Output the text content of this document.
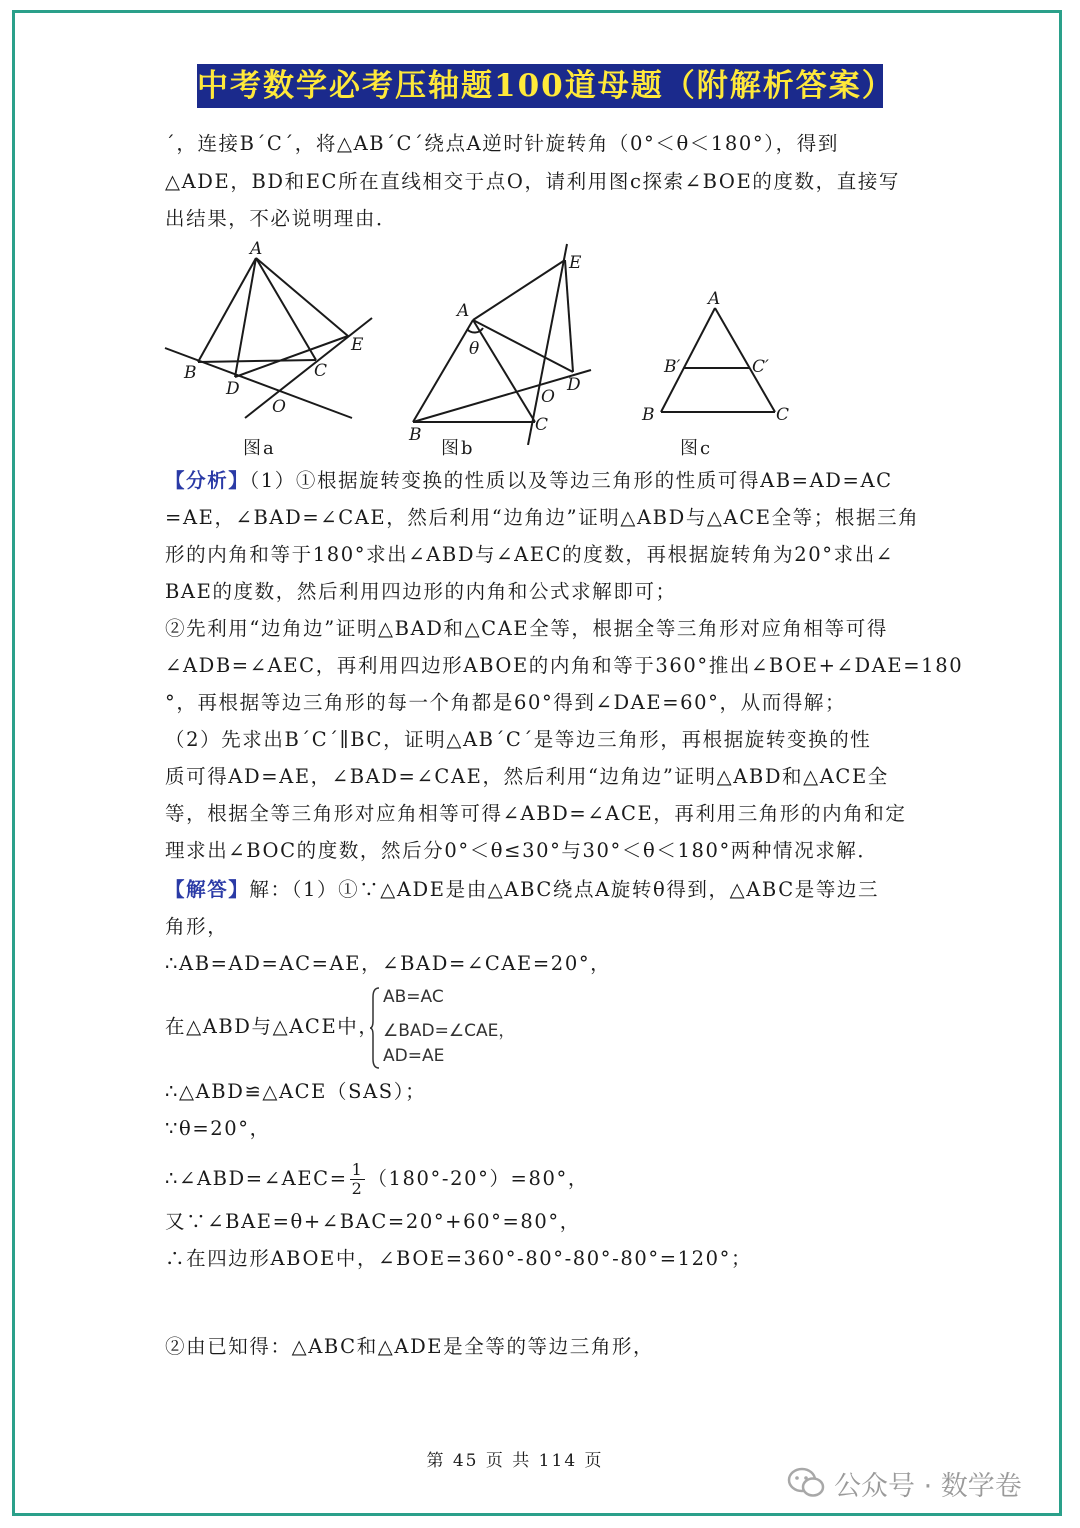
中考数学必考压轴题100道母题（附解析答案）
´，连接B´C´，将△AB´C´绕点A逆时针旋转角（0°＜θ＜180°），得到
△ADE，BD和EC所在直线相交于点O，请利用图c探索∠BOE的度数，直接写
出结果，不必说明理由．
A
B	C
D
E
O
图a
A
B	C
D
E
O
θ
图b
A
B	C
B′	C′
图c
【分析】（1）①根据旋转变换的性质以及等边三角形的性质可得AB=AD=AC
=AE，∠BAD=∠CAE，然后利用“边角边”证明△ABD与△ACE全等；根据三角
形的内角和等于180°求出∠ABD与∠AEC的度数，再根据旋转角为20°求出∠
BAE的度数，然后利用四边形的内角和公式求解即可；
②先利用“边角边”证明△BAD和△CAE全等，根据全等三角形对应角相等可得
∠ADB=∠AEC，再利用四边形ABOE的内角和等于360°推出∠BOE+∠DAE=180
°，再根据等边三角形的每一个角都是60°得到∠DAE=60°，从而得解；
（2）先求出B´C´∥BC，证明△AB´C´是等边三角形，再根据旋转变换的性
质可得AD=AE，∠BAD=∠CAE，然后利用“边角边”证明△ABD和△ACE全
等，根据全等三角形对应角相等可得∠ABD=∠ACE，再利用三角形的内角和定
理求出∠BOC的度数，然后分0°＜θ≤30°与30°＜θ＜180°两种情况求解．
【解答】解：（1）①∵△ADE是由△ABC绕点A旋转θ得到，△ABC是等边三
角形，
∴AB=AD=AC=AE，∠BAD=∠CAE=20°，
在△ABD与△ACE中，
AB=AC
∠BAD=∠CAE，
AD=AE
∴△ABD≌△ACE（SAS）；
∵θ=20°，
∴∠ABD=∠AEC= $\frac{1}{2} (180^\circ-20^\circ)=80^\circ$，
又∵∠BAE=θ+∠BAC=20°+60°=80°，
∴在四边形ABOE中，∠BOE=360°-80°-80°-80°=120°；
②由已知得：△ABC和△ADE是全等的等边三角形，
第 45 页 共 114 页
公众号 · 数学卷
